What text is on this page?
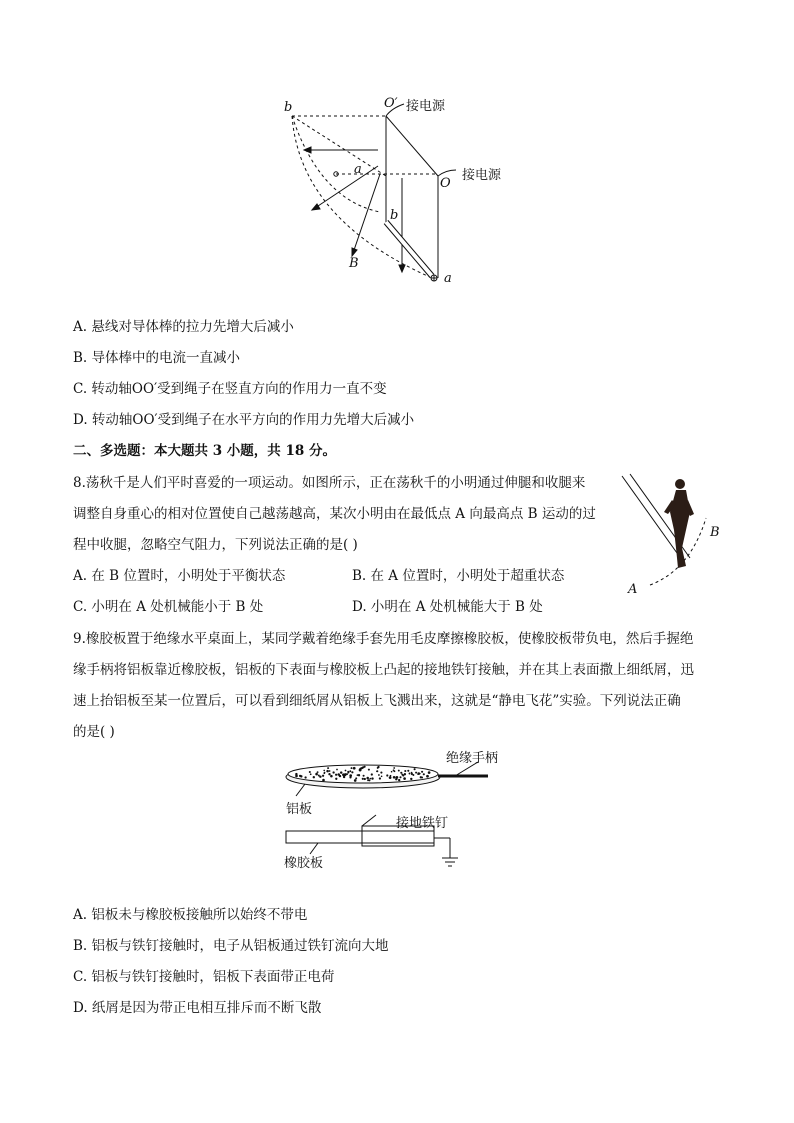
b	O′ 接电源
接电源
O
a
b
B
a
A. 悬线对导体棒的拉力先增大后减小
B. 导体棒中的电流一直减小
C. 转动轴OO′受到绳子在竖直方向的作用力一直不变
D. 转动轴OO′受到绳子在水平方向的作用力先增大后减小
二、多选题：本大题共 3 小题，共 18 分。
8.荡秋千是人们平时喜爱的一项运动。如图所示，正在荡秋千的小明通过伸腿和收腿来
调整自身重心的相对位置使自己越荡越高，某次小明由在最低点 A 向最高点 B 运动的过
程中收腿，忽略空气阻力，下列说法正确的是( )
B
A
A. 在 B 位置时，小明处于平衡状态	B. 在 A 位置时，小明处于超重状态
C. 小明在 A 处机械能小于 B 处	D. 小明在 A 处机械能大于 B 处
9.橡胶板置于绝缘水平桌面上，某同学戴着绝缘手套先用毛皮摩擦橡胶板，使橡胶板带负电，然后手握绝
缘手柄将铝板靠近橡胶板，铝板的下表面与橡胶板上凸起的接地铁钉接触，并在其上表面撒上细纸屑，迅
速上抬铝板至某一位置后，可以看到细纸屑从铝板上飞溅出来，这就是“静电飞花”实验。下列说法正确
的是( )
绝缘手柄
铝板
接地铁钉
橡胶板
A. 铝板未与橡胶板接触所以始终不带电
B. 铝板与铁钉接触时，电子从铝板通过铁钉流向大地
C. 铝板与铁钉接触时，铝板下表面带正电荷
D. 纸屑是因为带正电相互排斥而不断飞散
